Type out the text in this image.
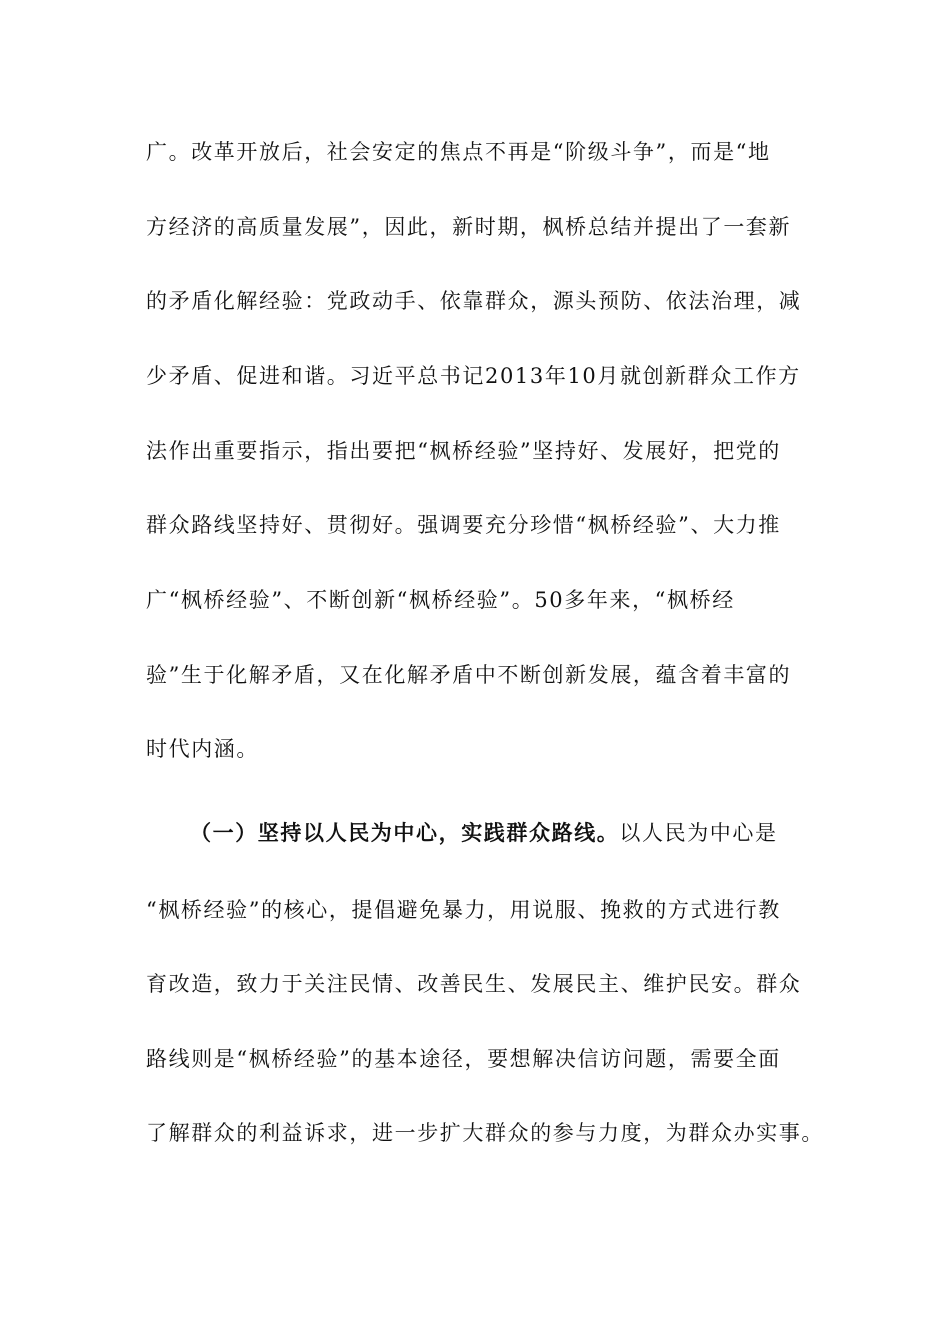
广。改革开放后，社会安定的焦点不再是“阶级斗争”，而是“地
方经济的高质量发展”，因此，新时期，枫桥总结并提出了一套新
的矛盾化解经验：党政动手、依靠群众，源头预防、依法治理，减
少矛盾、促进和谐。习近平总书记2013年10月就创新群众工作方
法作出重要指示，指出要把“枫桥经验”坚持好、发展好，把党的
群众路线坚持好、贯彻好。强调要充分珍惜“枫桥经验”、大力推
广“枫桥经验”、不断创新“枫桥经验”。50多年来，“枫桥经
验”生于化解矛盾，又在化解矛盾中不断创新发展，蕴含着丰富的
时代内涵。
（一）坚持以人民为中心，实践群众路线。以人民为中心是
“枫桥经验”的核心，提倡避免暴力，用说服、挽救的方式进行教
育改造，致力于关注民情、改善民生、发展民主、维护民安。群众
路线则是“枫桥经验”的基本途径，要想解决信访问题，需要全面
了解群众的利益诉求，进一步扩大群众的参与力度，为群众办实事。
